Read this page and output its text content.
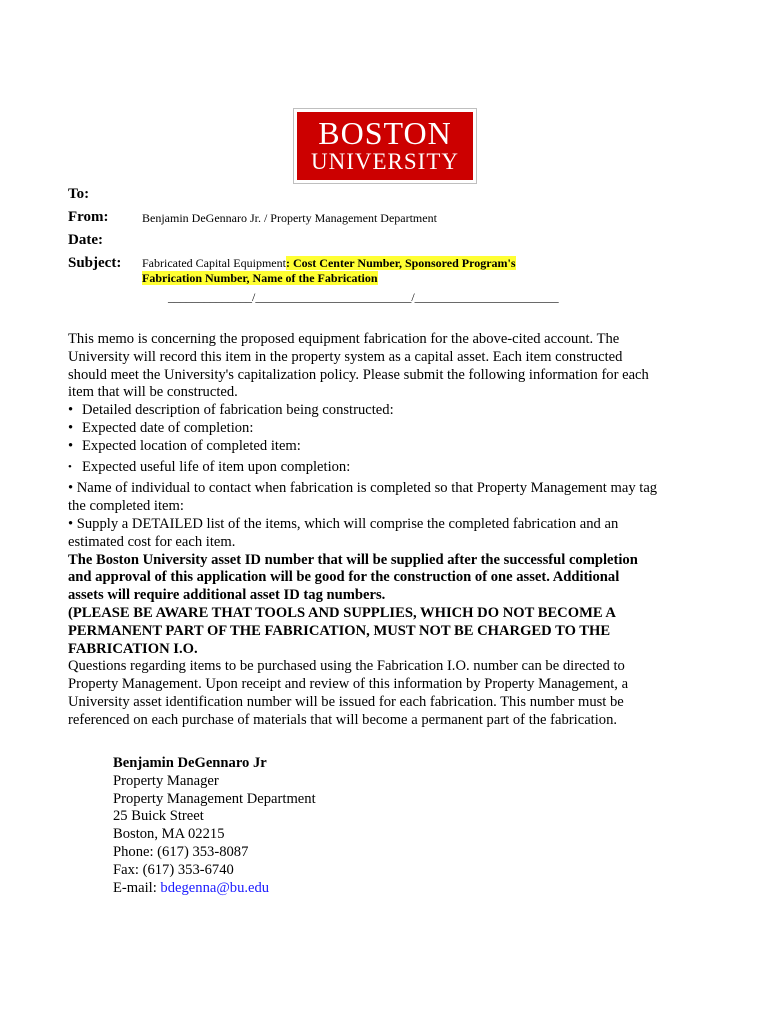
BOSTON
UNIVERSITY
To:
From:	Benjamin DeGennaro Jr. / Property Management Department
Date:
Subject: Fabricated Capital Equipment: Cost Center Number, Sponsored Program's
Fabrication Number, Name of the Fabrication
______________/__________________________/________________________

This memo is concerning the proposed equipment fabrication for the above-cited account. The University will record this item in the property system as a capital asset. Each item constructed should meet the University's capitalization policy. Please submit the following information for each item that will be constructed.

• Detailed description of fabrication being constructed:
• Expected date of completion:
• Expected location of completed item:
• Expected useful life of item upon completion:

• Name of individual to contact when fabrication is completed so that Property Management may tag the completed item:

• Supply a DETAILED list of the items, which will comprise the completed fabrication and an estimated cost for each item.

The Boston University asset ID number that will be supplied after the successful completion and approval of this application will be good for the construction of one asset. Additional assets will require additional asset ID tag numbers.

(PLEASE BE AWARE THAT TOOLS AND SUPPLIES, WHICH DO NOT BECOME A PERMANENT PART OF THE FABRICATION, MUST NOT BE CHARGED TO THE FABRICATION I.O.

Questions regarding items to be purchased using the Fabrication I.O. number can be directed to Property Management. Upon receipt and review of this information by Property Management, a University asset identification number will be issued for each fabrication. This number must be referenced on each purchase of materials that will become a permanent part of the fabrication.

Benjamin DeGennaro Jr
Property Manager
Property Management Department
25 Buick Street
Boston, MA 02215
Phone: (617) 353-8087
Fax: (617) 353-6740
E-mail: bdegenna@bu.edu
